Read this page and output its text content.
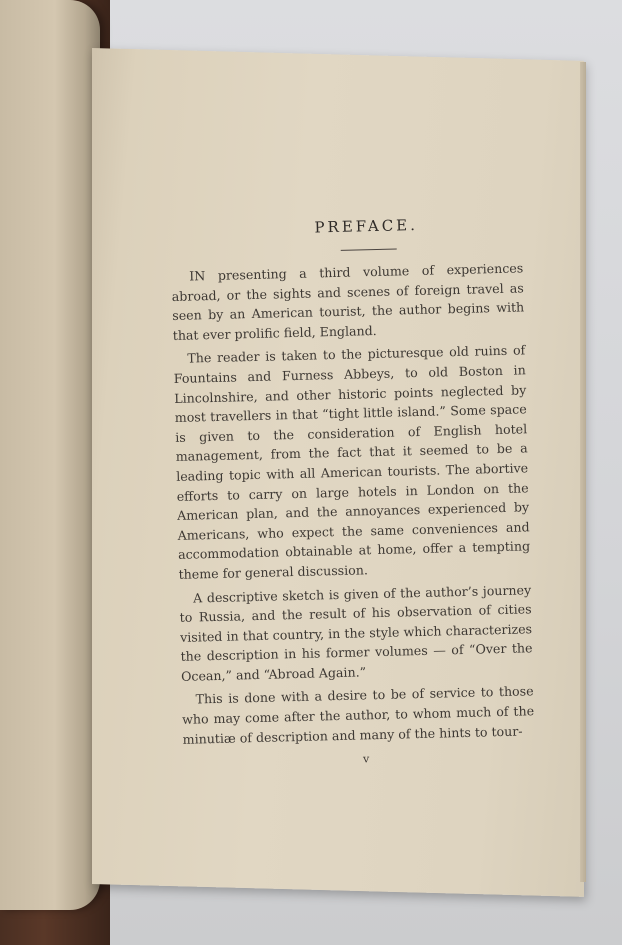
PREFACE.

IN presenting a third volume of experiences abroad, or the sights and scenes of foreign travel as seen by an American tourist, the author begins with that ever prolific field, England.

The reader is taken to the picturesque old ruins of Fountains and Furness Abbeys, to old Boston in Lincolnshire, and other historic points neglected by most travellers in that “tight little island.” Some space is given to the consideration of English hotel management, from the fact that it seemed to be a leading topic with all American tourists. The abortive efforts to carry on large hotels in London on the American plan, and the annoyances experienced by Americans, who expect the same conveniences and accommodation obtainable at home, offer a tempting theme for general discussion.

A descriptive sketch is given of the author’s journey to Russia, and the result of his observation of cities visited in that country, in the style which characterizes the description in his former volumes — of “Over the Ocean,” and “Abroad Again.”

This is done with a desire to be of service to those who may come after the author, to whom much of the minutiæ of description and many of the hints to tour-

v
